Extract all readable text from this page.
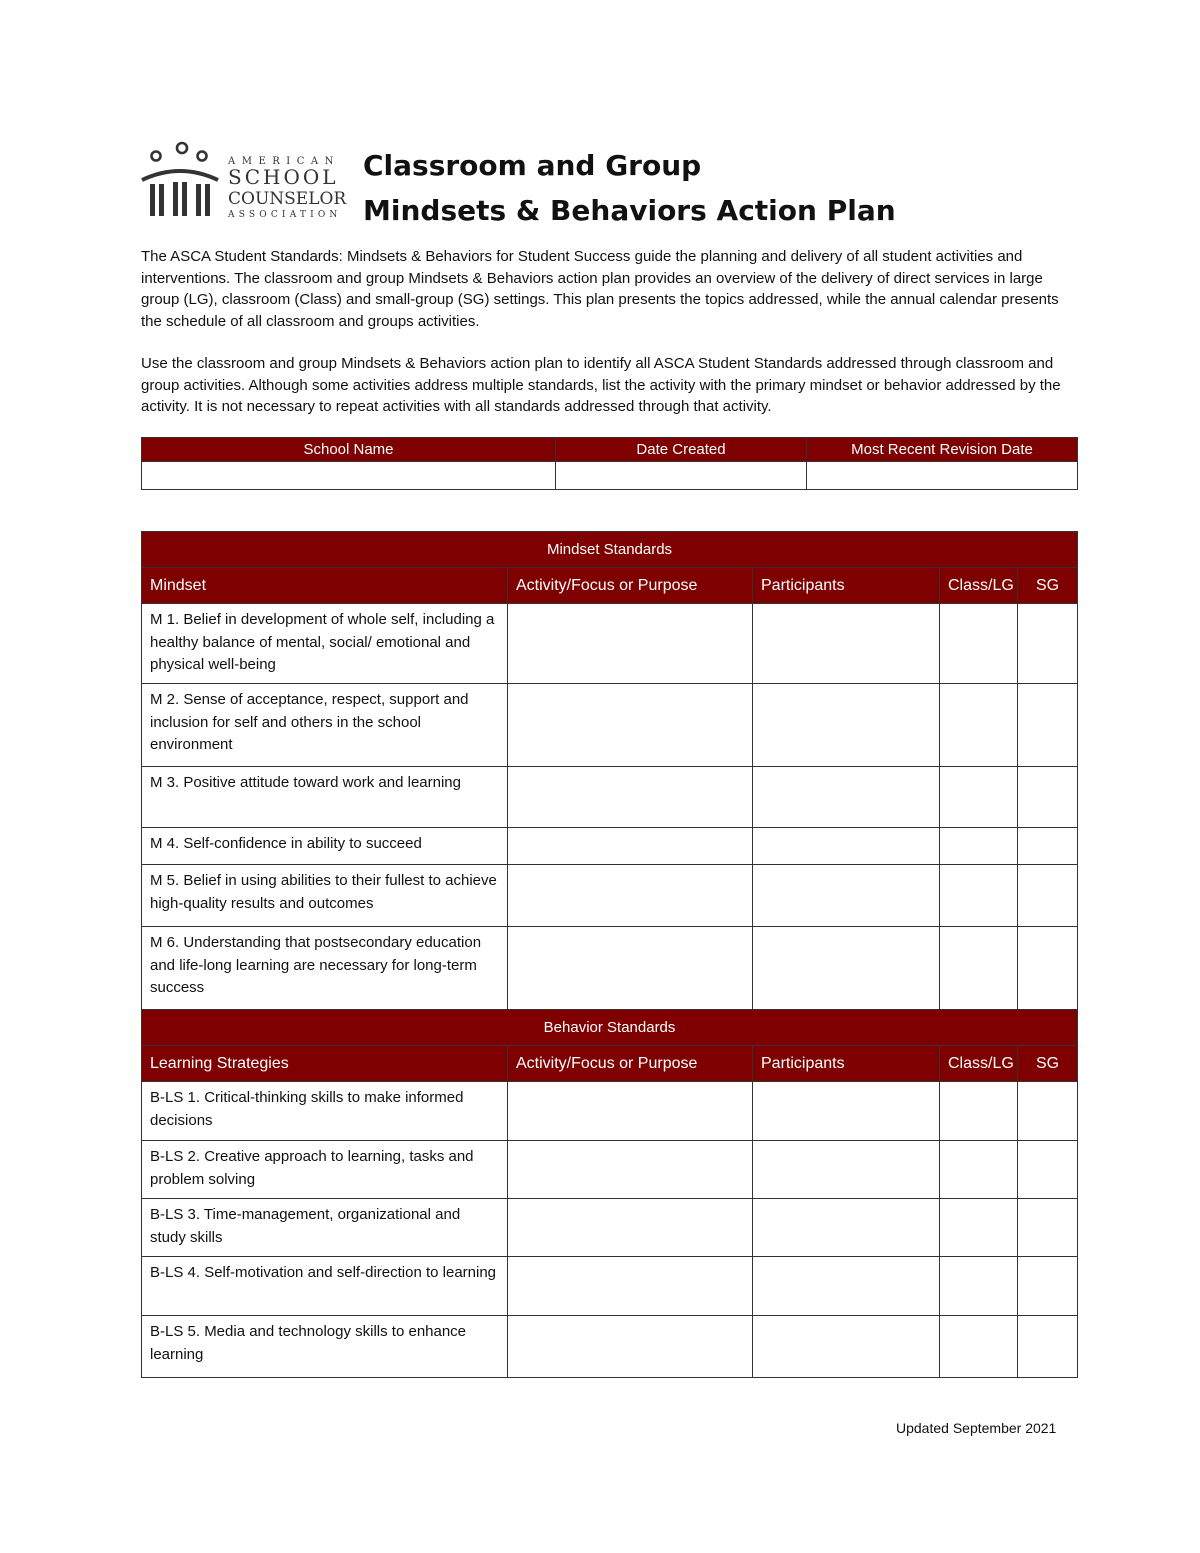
AMERICAN
SCHOOL
COUNSELOR
ASSOCIATION
Classroom and Group
Mindsets & Behaviors Action Plan

The ASCA Student Standards: Mindsets & Behaviors for Student Success guide the planning and delivery of all student activities and interventions. The classroom and group Mindsets & Behaviors action plan provides an overview of the delivery of direct services in large group (LG), classroom (Class) and small-group (SG) settings. This plan presents the topics addressed, while the annual calendar presents the schedule of all classroom and groups activities.

Use the classroom and group Mindsets & Behaviors action plan to identify all ASCA Student Standards addressed through classroom and group activities. Although some activities address multiple standards, list the activity with the primary mindset or behavior addressed by the activity. It is not necessary to repeat activities with all standards addressed through that activity.

School Name	Date Created	Most Recent Revision Date

Mindset Standards				
Mindset	Activity/Focus or Purpose	Participants	Class/LG	SG
M 1. Belief in development of whole self, including a healthy balance of mental, social/ emotional and physical well-being				
M 2. Sense of acceptance, respect, support and inclusion for self and others in the school environment				
M 3. Positive attitude toward work and learning				
M 4. Self-confidence in ability to succeed				
M 5. Belief in using abilities to their fullest to achieve high-quality results and outcomes				
M 6. Understanding that postsecondary education and life-long learning are necessary for long-term success				
Behavior Standards				
Learning Strategies	Activity/Focus or Purpose	Participants	Class/LG	SG
B-LS 1. Critical-thinking skills to make informed decisions				
B-LS 2. Creative approach to learning, tasks and problem solving				
B-LS 3. Time-management, organizational and study skills				
B-LS 4. Self-motivation and self-direction to learning				
B-LS 5. Media and technology skills to enhance learning				
Updated September 2021
